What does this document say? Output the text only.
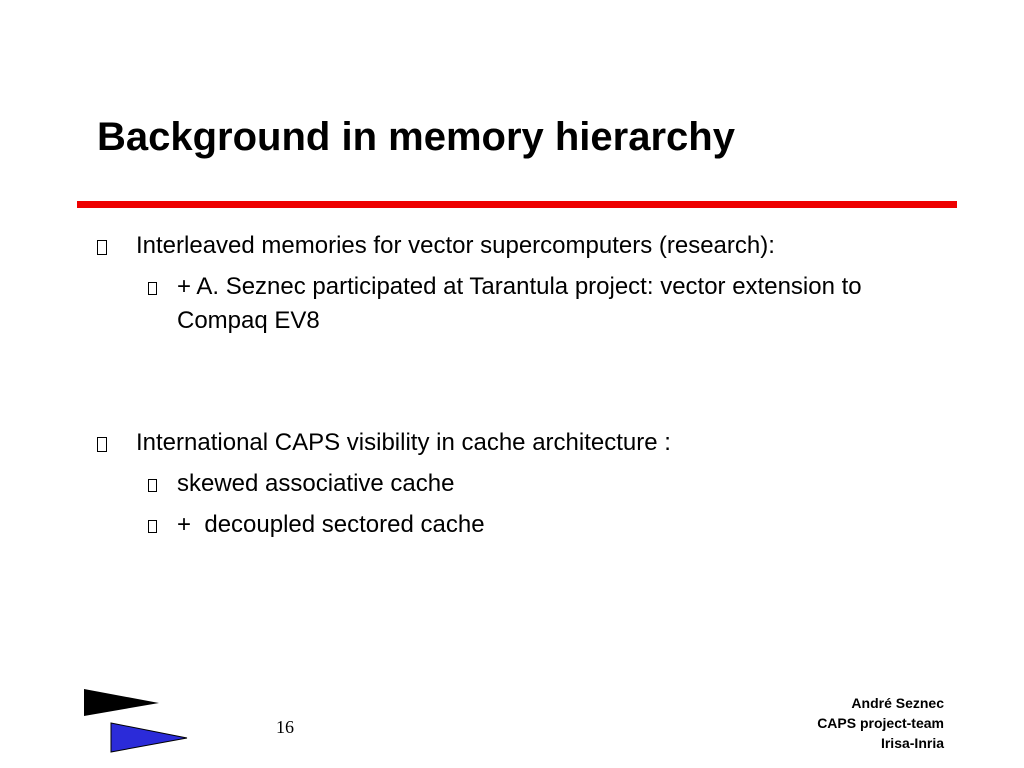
Background in memory hierarchy
Interleaved memories for vector supercomputers (research):
+ A. Seznec participated at Tarantula project: vector extension to Compaq EV8
International CAPS visibility in cache architecture :
skewed associative cache
+  decoupled sectored cache
16
André Seznec
CAPS project-team
Irisa-Inria
